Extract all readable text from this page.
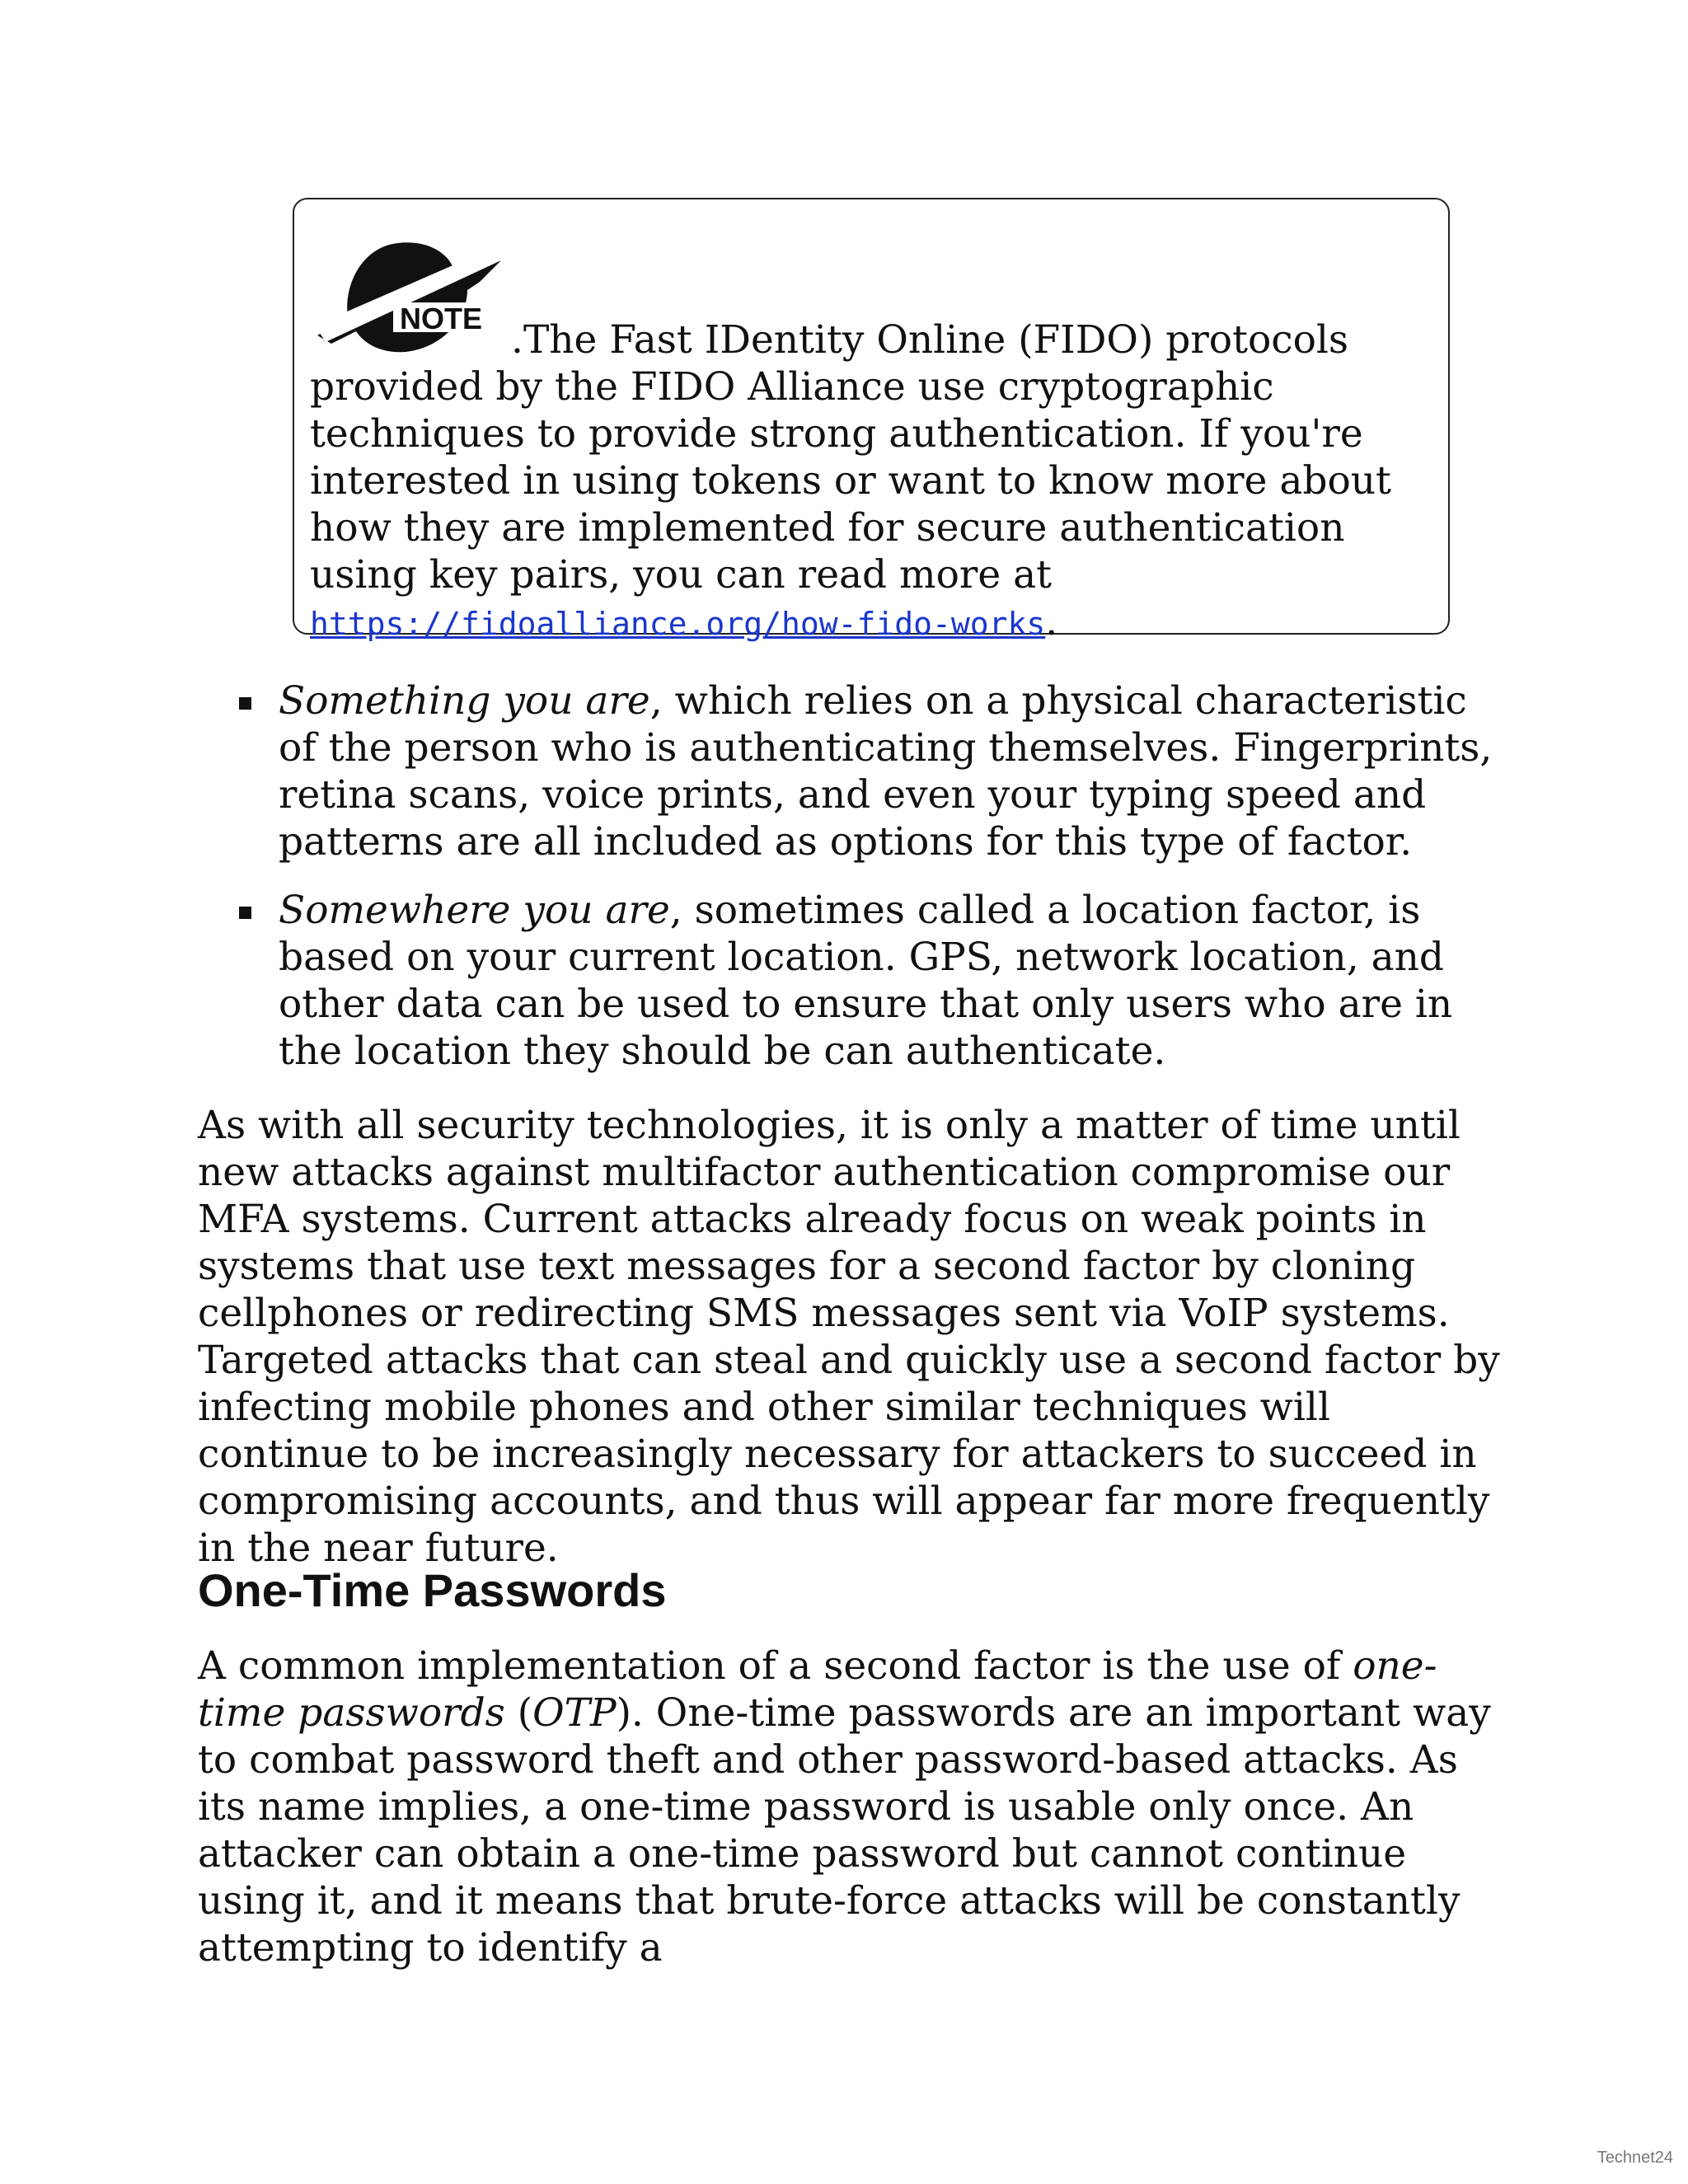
NOTE .The Fast IDentity Online (FIDO) protocols
provided by the FIDO Alliance use cryptographic techniques to provide strong authentication. If you're interested in using tokens or want to know more about how they are implemented for secure authentication using key pairs, you can read more at https://fidoalliance.org/how-fido-works.

Something you are, which relies on a physical characteristic of the person who is authenticating themselves. Fingerprints, retina scans, voice prints, and even your typing speed and patterns are all included as options for this type of factor.
Somewhere you are, sometimes called a location factor, is based on your current location. GPS, network location, and other data can be used to ensure that only users who are in the location they should be can authenticate.

As with all security technologies, it is only a matter of time until new attacks against multifactor authentication compromise our MFA systems. Current attacks already focus on weak points in systems that use text messages for a second factor by cloning cellphones or redirecting SMS messages sent via VoIP systems. Targeted attacks that can steal and quickly use a second factor by infecting mobile phones and other similar techniques will continue to be increasingly necessary for attackers to succeed in compromising accounts, and thus will appear far more frequently in the near future.

One-Time Passwords

A common implementation of a second factor is the use of one-time passwords (OTP). One-time passwords are an important way to combat password theft and other password-based attacks. As its name implies, a one-time password is usable only once. An attacker can obtain a one-time password but cannot continue using it, and it means that brute-force attacks will be constantly attempting to identify a

Technet24
